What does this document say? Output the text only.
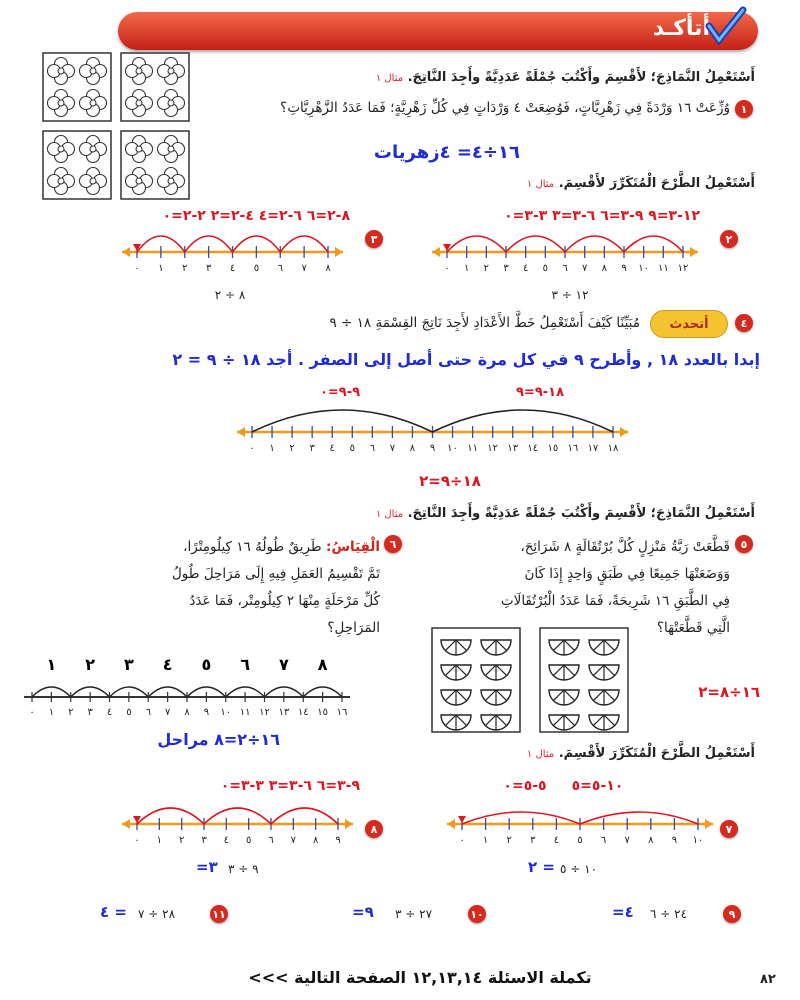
أتأكـد
أَسْتَعْمِلُ النَّمَاذِجَ؛ لأَقْسِمَ وأَكْتُبَ جُمْلَةً عَدَدِيَّةً وأَجِدَ النَّاتِجَ. مثال ١
١
وُزِّعَتْ ١٦ وَرْدَةً فِي زَهْرِيَّاتٍ، فَوُضِعَتْ ٤ وَرْدَاتٍ فِي كُلِّ زَهْرِيَّةٍ؛ فَمَا عَدَدُ الزَّهْرِيَّاتِ؟
١٦÷٤= ٤زهريات
أَسْتَعْمِلُ الطَّرْحَ الْمُتَكَرِّرَ لأَقْسِمَ. مثال ١
١٢-٣=٩ ٩-٣=٦ ٦-٣=٣ ٣-٣=٠
٨-٢=٦ ٦-٢=٤ ٤-٢=٢ ٢-٢=٠
٢
٣
٠ ١ ٢ ٣ ٤ ٥ ٦ ٧ ٨ ٩ ١٠ ١١ ١٢
٠ ١ ٢ ٣ ٤ ٥ ٦ ٧ ٨
١٢ ÷ ٣
٨ ÷ ٢
٤
أتحدث
مُبَيِّنًا كَيْفَ أَسْتَعْمِلُ خَطَّ الأَعْدَادِ لأَجِدَ نَاتِجَ القِسْمَةِ ١٨ ÷ ٩
إبدا بالعدد ١٨ , وأطرح ٩ في كل مرة حتى أصل إلى الصفر . أجد ١٨ ÷ ٩ = ٢
١٨-٩=٩
٩-٩=٠
٠ ١ ٢ ٣ ٤ ٥ ٦ ٧ ٨ ٩ ١٠ ١١ ١٢ ١٣ ١٤ ١٥ ١٦ ١٧ ١٨
١٨÷٩=٢
أَسْتَعْمِلُ النَّمَاذِجَ؛ لأَقْسِمَ وأَكْتُبَ جُمْلَةً عَدَدِيَّةً وأَجِدَ النَّاتِجَ. مثال ١
٥
قَطَّعَتْ رَبَّةُ مَنْزِلٍ كُلَّ بُرْتُقَالَةٍ ٨ شَرَائِحَ،
وَوَضَعَتْهَا جَمِيعًا فِي طَبَقٍ وَاحِدٍ إِذَا كَانَ
فِي الطَّبَقِ ١٦ شَرِيحَةً، فَمَا عَدَدُ الْبُرْتُقَالَاتِ
الَّتِي قَطَّعَتْهَا؟
٦
الْقِيَاسُ: طَرِيقٌ طُولُهُ ١٦ كِيلُومِتْرًا،
تَمَّ تَقْسِيمُ العَمَلِ فِيهِ إِلَى مَرَاحِلَ طُولُ
كُلِّ مَرْحَلَةٍ مِنْهَا ٢ كِيلُومِتْر، فَمَا عَدَدُ
المَرَاحِلِ؟
١٦÷٨=٢
٠ ١ ٢ ٣ ٤ ٥ ٦ ٧ ٨ ٩ ١٠ ١١ ١٢ ١٣ ١٤ ١٥ ١٦
١ ٢ ٣ ٤ ٥ ٦ ٧ ٨
١٦÷٢=٨ مراحل
أَسْتَعْمِلُ الطَّرْحَ الْمُتَكَرِّرَ لأَقْسِمَ. مثال ١
١٠-٥=٥
٥-٥=٠
٩-٣=٦ ٦-٣=٣ ٣-٣=٠
٧
٨
٠ ١ ٢ ٣ ٤ ٥ ٦ ٧ ٨ ٩ ١٠
٠ ١ ٢ ٣ ٤ ٥ ٦ ٧ ٨ ٩
١٠ ÷ ٥
٢ =
٩ ÷ ٣
=٣
٩
٢٤ ÷ ٦
=٤
١٠
٢٧ ÷ ٣
=٩
١١
٢٨ ÷ ٧
٤ =
تكملة الاسئلة ١٢,١٣,١٤ الصفحة التالية >>>	٨٢
